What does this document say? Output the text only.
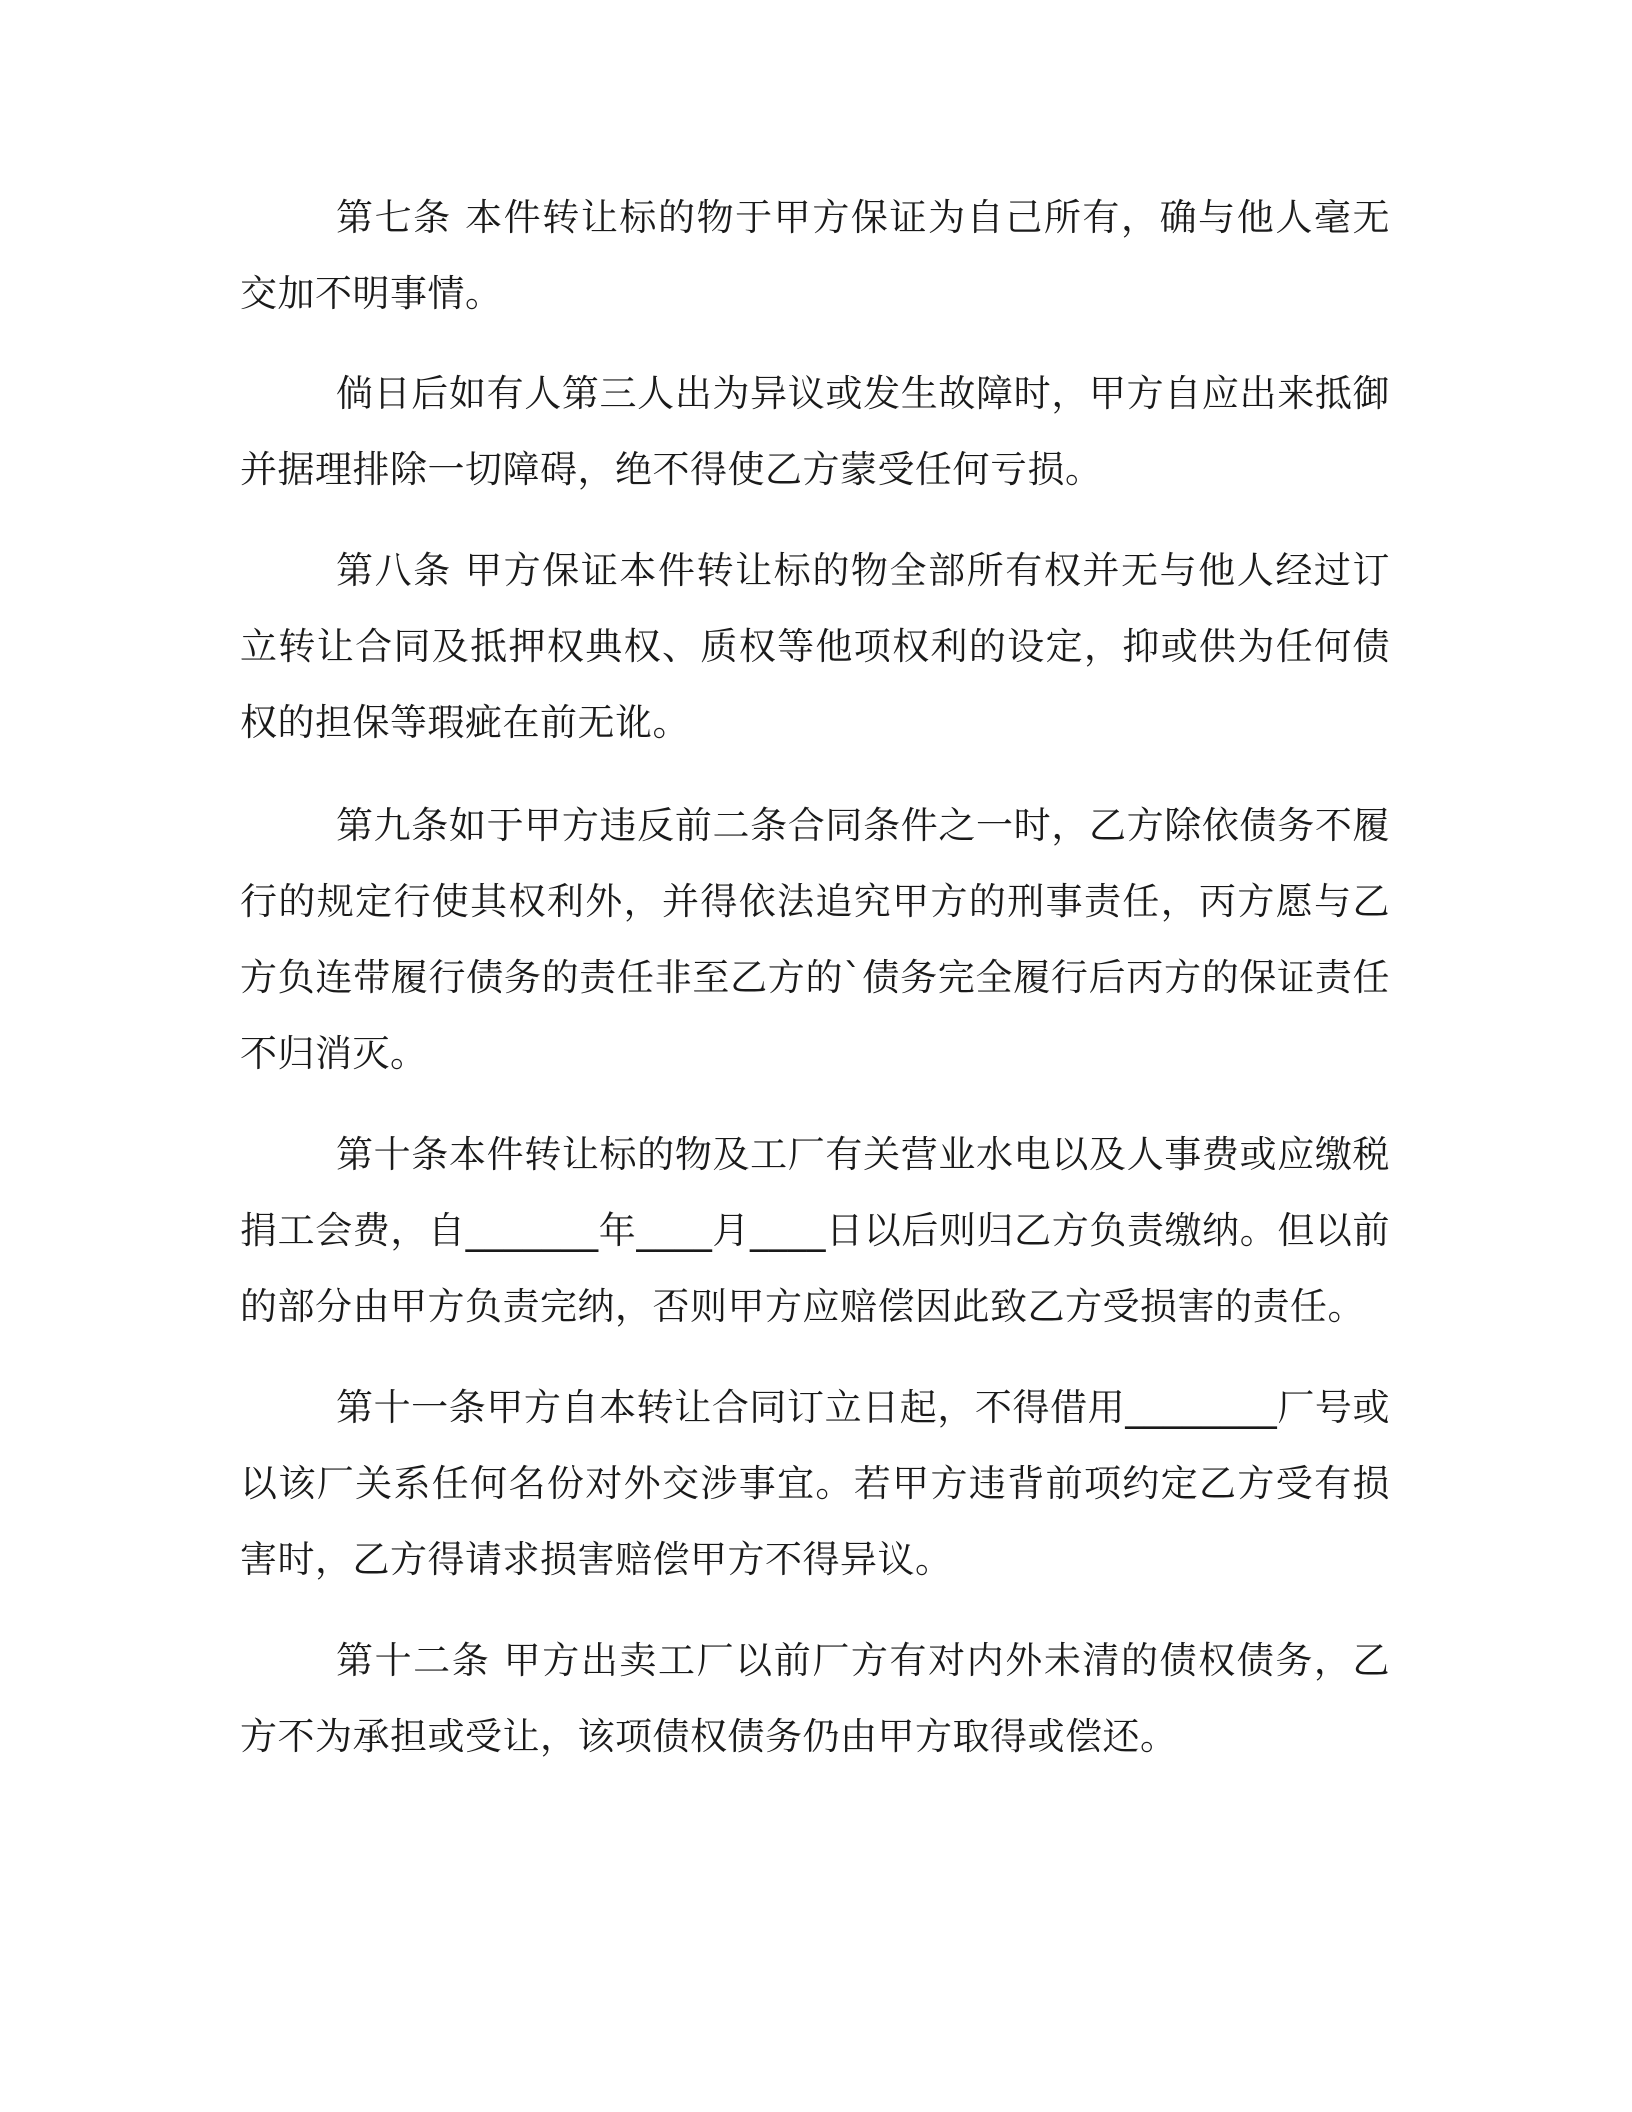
第七条 本件转让标的物于甲方保证为自己所有，确与他人毫无交加不明事情。

倘日后如有人第三人出为异议或发生故障时，甲方自应出来抵御并据理排除一切障碍，绝不得使乙方蒙受任何亏损。

第八条 甲方保证本件转让标的物全部所有权并无与他人经过订立转让合同及抵押权典权、质权等他项权利的设定，抑或供为任何债权的担保等瑕疵在前无讹。

第九条如于甲方违反前二条合同条件之一时，乙方除依债务不履行的规定行使其权利外，并得依法追究甲方的刑事责任，丙方愿与乙方负连带履行债务的责任非至乙方的`债务完全履行后丙方的保证责任不归消灭。

第十条本件转让标的物及工厂有关营业水电以及人事费或应缴税捐工会费，自_______年____月____日以后则归乙方负责缴纳。但以前的部分由甲方负责完纳，否则甲方应赔偿因此致乙方受损害的责任。

第十一条甲方自本转让合同订立日起，不得借用________厂号或以该厂关系任何名份对外交涉事宜。若甲方违背前项约定乙方受有损害时，乙方得请求损害赔偿甲方不得异议。

第十二条 甲方出卖工厂以前厂方有对内外未清的债权债务，乙方不为承担或受让，该项债权债务仍由甲方取得或偿还。
